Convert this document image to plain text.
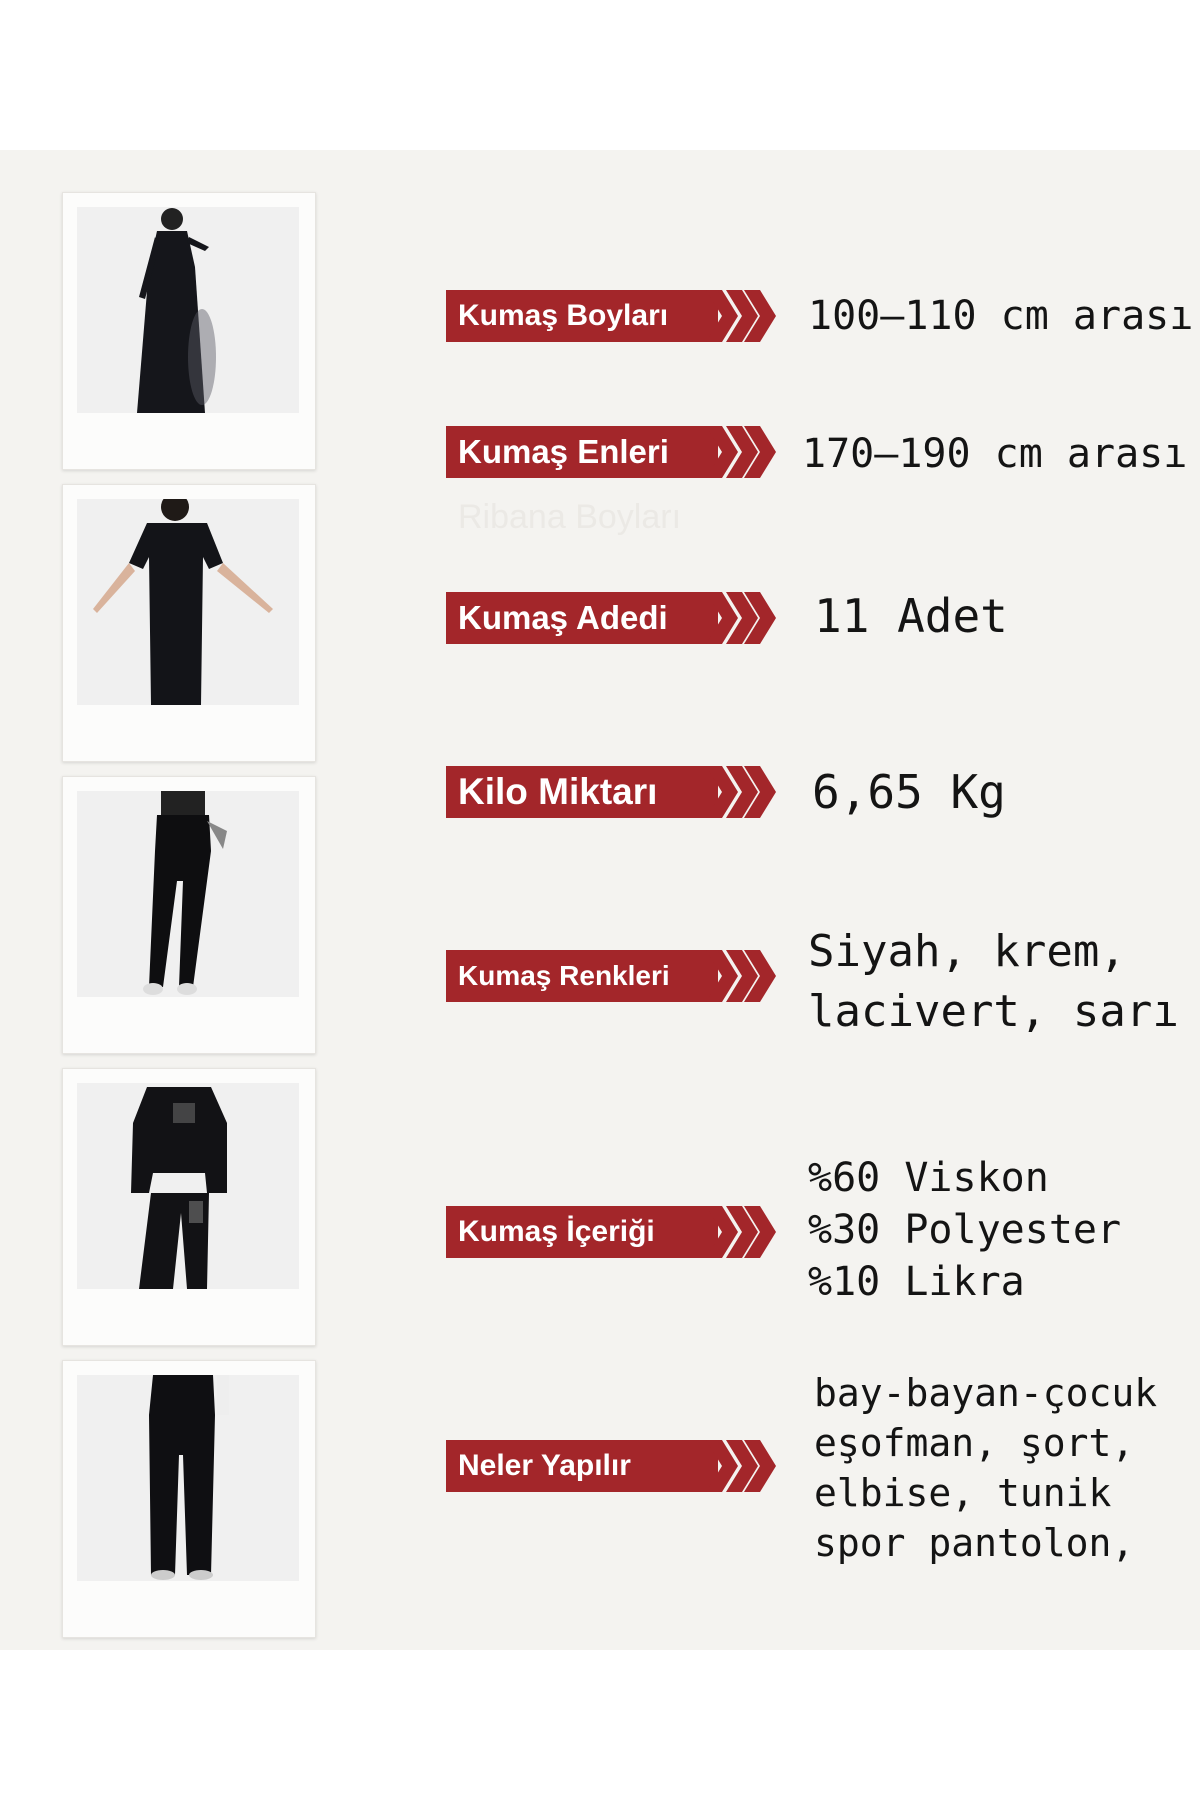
Ribana Boyları
Kumaş Boyları
Kumaş Enleri
Kumaş Adedi
Kilo Miktarı
Kumaş Renkleri
Kumaş İçeriği
Neler Yapılır
100–110 cm arası
170–190 cm arası
11 Adet
6,65 Kg
Siyah, krem,
lacivert, sarı
%60 Viskon
%30 Polyester
%10 Likra
bay-bayan-çocuk
eşofman, şort,
elbise, tunik
spor pantolon,
